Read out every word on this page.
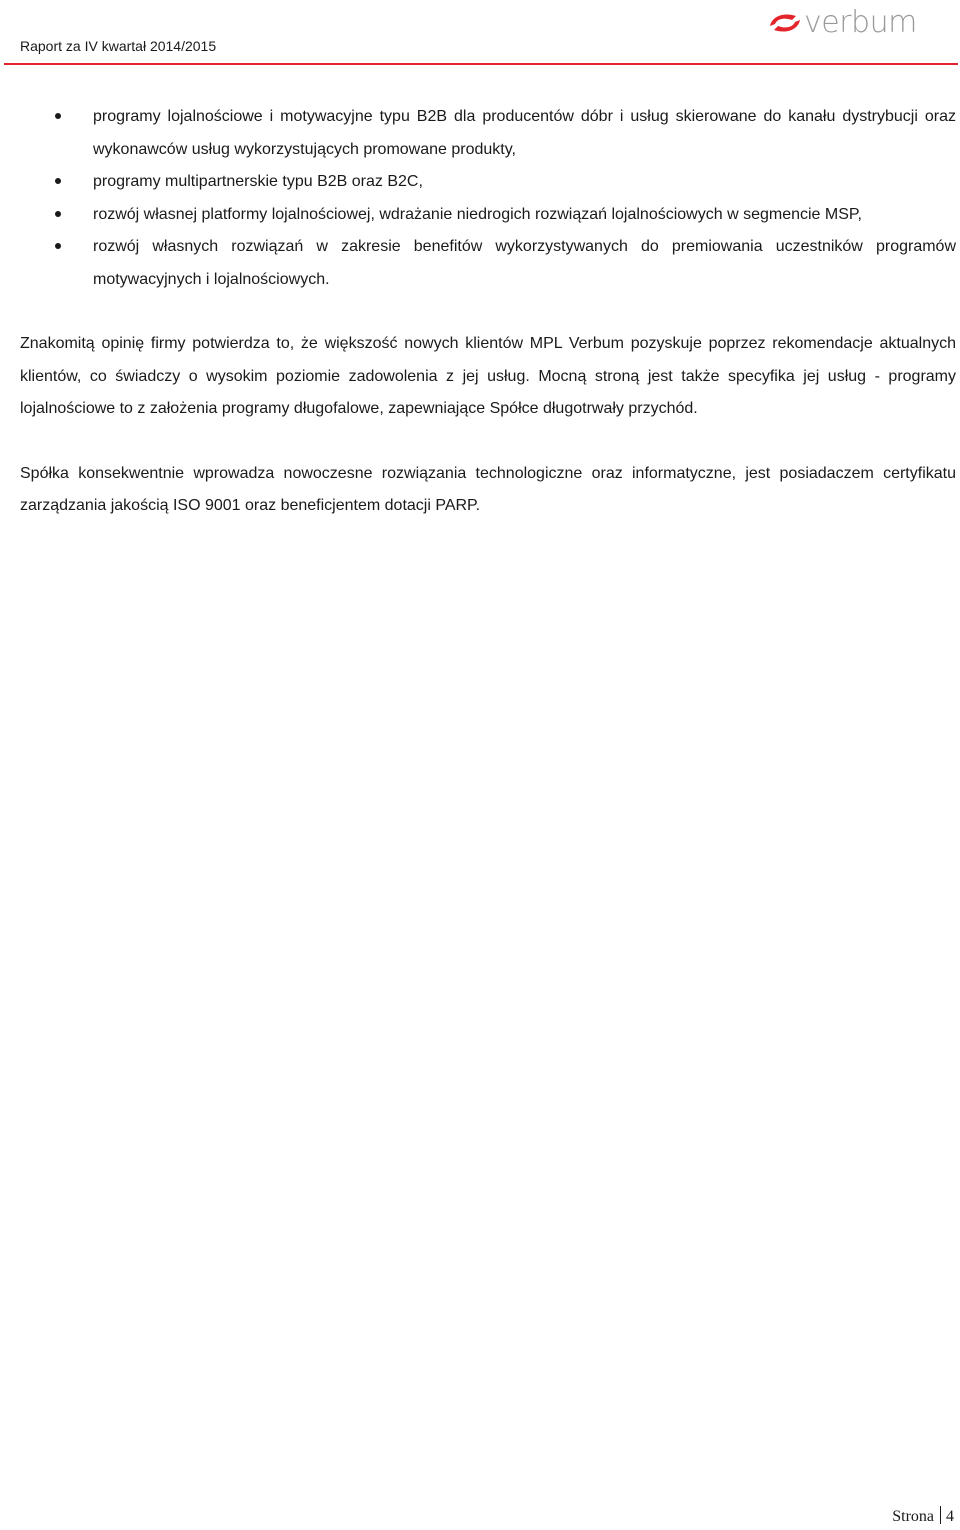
Raport za IV kwartał 2014/2015
verbum
programy lojalnościowe i motywacyjne typu B2B dla producentów dóbr i usług skierowane do kanału dystrybucji oraz wykonawców usług wykorzystujących promowane produkty,
programy multipartnerskie typu B2B oraz B2C,
rozwój własnej platformy lojalnościowej, wdrażanie niedrogich rozwiązań lojalnościowych w segmencie MSP,
rozwój własnych rozwiązań w zakresie benefitów wykorzystywanych do premiowania uczestników programów motywacyjnych i lojalnościowych.

Znakomitą opinię firmy potwierdza to, że większość nowych klientów MPL Verbum pozyskuje poprzez rekomendacje aktualnych klientów, co świadczy o wysokim poziomie zadowolenia z jej usług. Mocną stroną jest także specyfika jej usług - programy lojalnościowe to z założenia programy długofalowe, zapewniające Spółce długotrwały przychód.

Spółka konsekwentnie wprowadza nowoczesne rozwiązania technologiczne oraz informatyczne, jest posiadaczem certyfikatu zarządzania jakością ISO 9001 oraz beneficjentem dotacji PARP.

Strona 4
